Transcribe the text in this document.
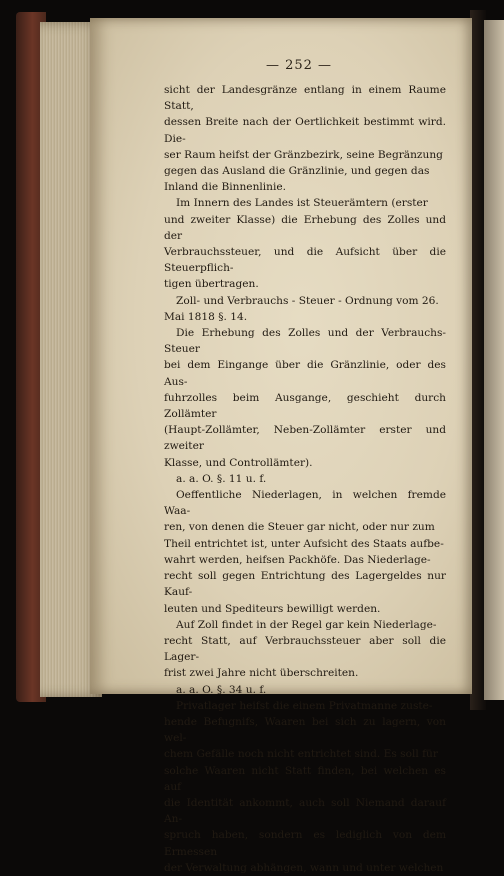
— 252 —

sicht der Landesgränze entlang in einem Raume Statt,

dessen Breite nach der Oertlichkeit bestimmt wird. Die-

ser Raum heifst der Gränzbezirk, seine Begränzung

gegen das Ausland die Gränzlinie, und gegen das

Inland die Binnenlinie.

Im Innern des Landes ist Steuerämtern (erster

und zweiter Klasse) die Erhebung des Zolles und der

Verbrauchssteuer, und die Aufsicht über die Steuerpflich-

tigen übertragen.

Zoll- und Verbrauchs - Steuer - Ordnung vom 26.

Mai 1818 §. 14.

Die Erhebung des Zolles und der Verbrauchs-Steuer

bei dem Eingange über die Gränzlinie, oder des Aus-

fuhrzolles beim Ausgange, geschieht durch Zollämter

(Haupt-Zollämter, Neben-Zollämter erster und zweiter

Klasse, und Controllämter).

a. a. O. §. 11 u. f.

Oeffentliche Niederlagen, in welchen fremde Waa-

ren, von denen die Steuer gar nicht, oder nur zum

Theil entrichtet ist, unter Aufsicht des Staats aufbe-

wahrt werden, heifsen Packhöfe. Das Niederlage-

recht soll gegen Entrichtung des Lagergeldes nur Kauf-

leuten und Spediteurs bewilligt werden.

Auf Zoll findet in der Regel gar kein Niederlage-

recht Statt, auf Verbrauchssteuer aber soll die Lager-

frist zwei Jahre nicht überschreiten.

a. a. O. §. 34 u. f.

Privatlager heifst die einem Privatmanne zuste-

hende Befugnifs, Waaren bei sich zu lagern, von wel-

chem Gefälle noch nicht entrichtet sind. Es soll für

solche Waaren nicht Statt finden, bei welchen es auf

die Identität ankommt, auch soll Niemand darauf An-

spruch haben, sondern es lediglich von dem Ermessen

der Verwaltung abhängen, wann und unter welchen
